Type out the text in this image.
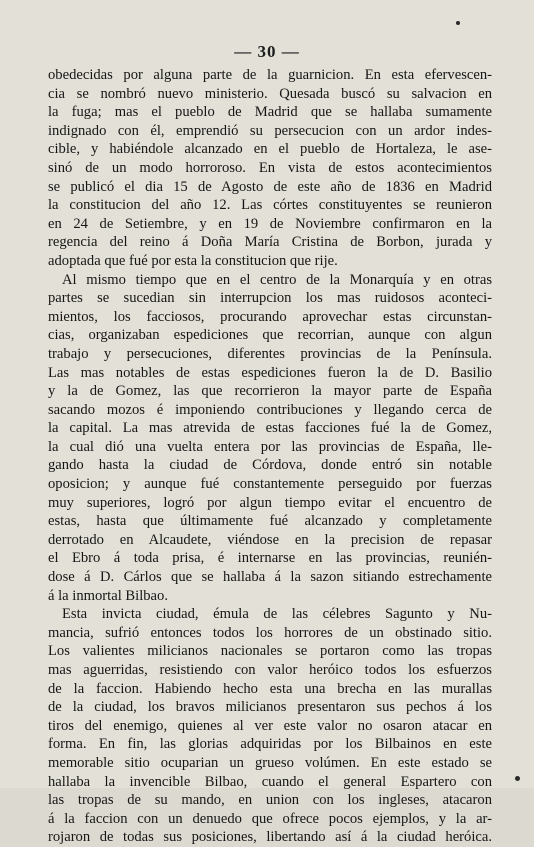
— 30 —
obedecidas por alguna parte de la guarnicion. En esta efervescen-
cia se nombró nuevo ministerio. Quesada buscó su salvacion en
la fuga; mas el pueblo de Madrid que se hallaba sumamente
indignado con él, emprendió su persecucion con un ardor indes-
cible, y habiéndole alcanzado en el pueblo de Hortaleza, le ase-
sinó de un modo horroroso. En vista de estos acontecimientos
se publicó el dia 15 de Agosto de este año de 1836 en Madrid
la constitucion del año 12. Las córtes constituyentes se reunieron
en 24 de Setiembre, y en 19 de Noviembre confirmaron en la
regencia del reino á Doña María Cristina de Borbon, jurada y
adoptada que fué por esta la constitucion que rije.
Al mismo tiempo que en el centro de la Monarquía y en otras
partes se sucedian sin interrupcion los mas ruidosos aconteci-
mientos, los facciosos, procurando aprovechar estas circunstan-
cias, organizaban espediciones que recorrian, aunque con algun
trabajo y persecuciones, diferentes provincias de la Península.
Las mas notables de estas espediciones fueron la de D. Basilio
y la de Gomez, las que recorrieron la mayor parte de España
sacando mozos é imponiendo contribuciones y llegando cerca de
la capital. La mas atrevida de estas facciones fué la de Gomez,
la cual dió una vuelta entera por las provincias de España, lle-
gando hasta la ciudad de Córdova, donde entró sin notable
oposicion; y aunque fué constantemente perseguido por fuerzas
muy superiores, logró por algun tiempo evitar el encuentro de
estas, hasta que últimamente fué alcanzado y completamente
derrotado en Alcaudete, viéndose en la precision de repasar
el Ebro á toda prisa, é internarse en las provincias, reunién-
dose á D. Cárlos que se hallaba á la sazon sitiando estrechamente
á la inmortal Bilbao.
Esta invicta ciudad, émula de las célebres Sagunto y Nu-
mancia, sufrió entonces todos los horrores de un obstinado sitio.
Los valientes milicianos nacionales se portaron como las tropas
mas aguerridas, resistiendo con valor heróico todos los esfuerzos
de la faccion. Habiendo hecho esta una brecha en las murallas
de la ciudad, los bravos milicianos presentaron sus pechos á los
tiros del enemigo, quienes al ver este valor no osaron atacar en
forma. En fin, las glorias adquiridas por los Bilbainos en este
memorable sitio ocuparian un grueso volúmen. En este estado se
hallaba la invencible Bilbao, cuando el general Espartero con
las tropas de su mando, en union con los ingleses, atacaron
á la faccion con un denuedo que ofrece pocos ejemplos, y la ar-
rojaron de todas sus posiciones, libertando así á la ciudad heróica.
